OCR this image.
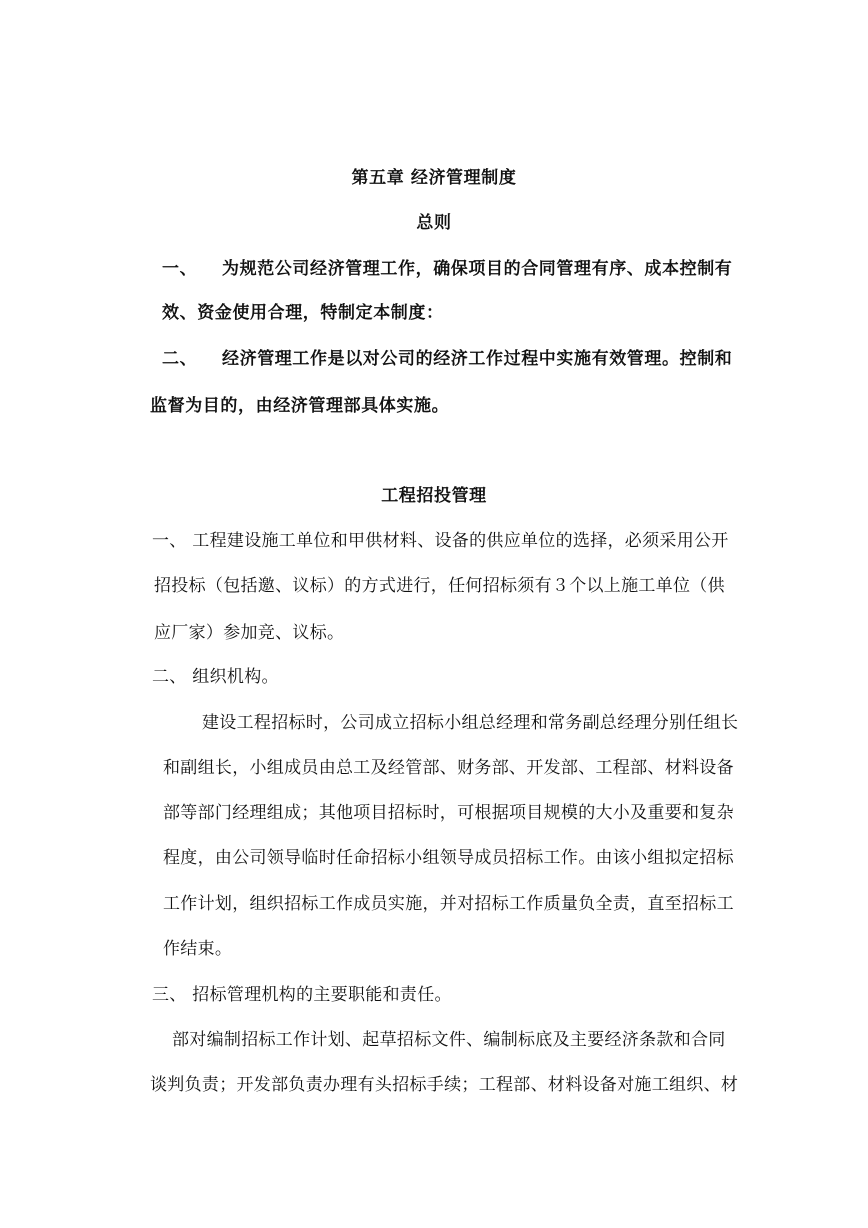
第五章 经济管理制度
总则
一、 为规范公司经济管理工作，确保项目的合同管理有序、成本控制有
效、资金使用合理，特制定本制度：
二、 经济管理工作是以对公司的经济工作过程中实施有效管理。控制和
监督为目的，由经济管理部具体实施。
工程招投管理
一、 工程建设施工单位和甲供材料、设备的供应单位的选择，必须采用公开
招投标（包括邀、议标）的方式进行，任何招标须有３个以上施工单位（供
应厂家）参加竞、议标。
二、 组织机构。
建设工程招标时，公司成立招标小组总经理和常务副总经理分别任组长
和副组长，小组成员由总工及经管部、财务部、开发部、工程部、材料设备
部等部门经理组成；其他项目招标时，可根据项目规模的大小及重要和复杂
程度，由公司领导临时任命招标小组领导成员招标工作。由该小组拟定招标
工作计划，组织招标工作成员实施，并对招标工作质量负全责，直至招标工
作结束。
三、 招标管理机构的主要职能和责任。
部对编制招标工作计划、起草招标文件、编制标底及主要经济条款和合同
谈判负责；开发部负责办理有头招标手续；工程部、材料设备对施工组织、材
